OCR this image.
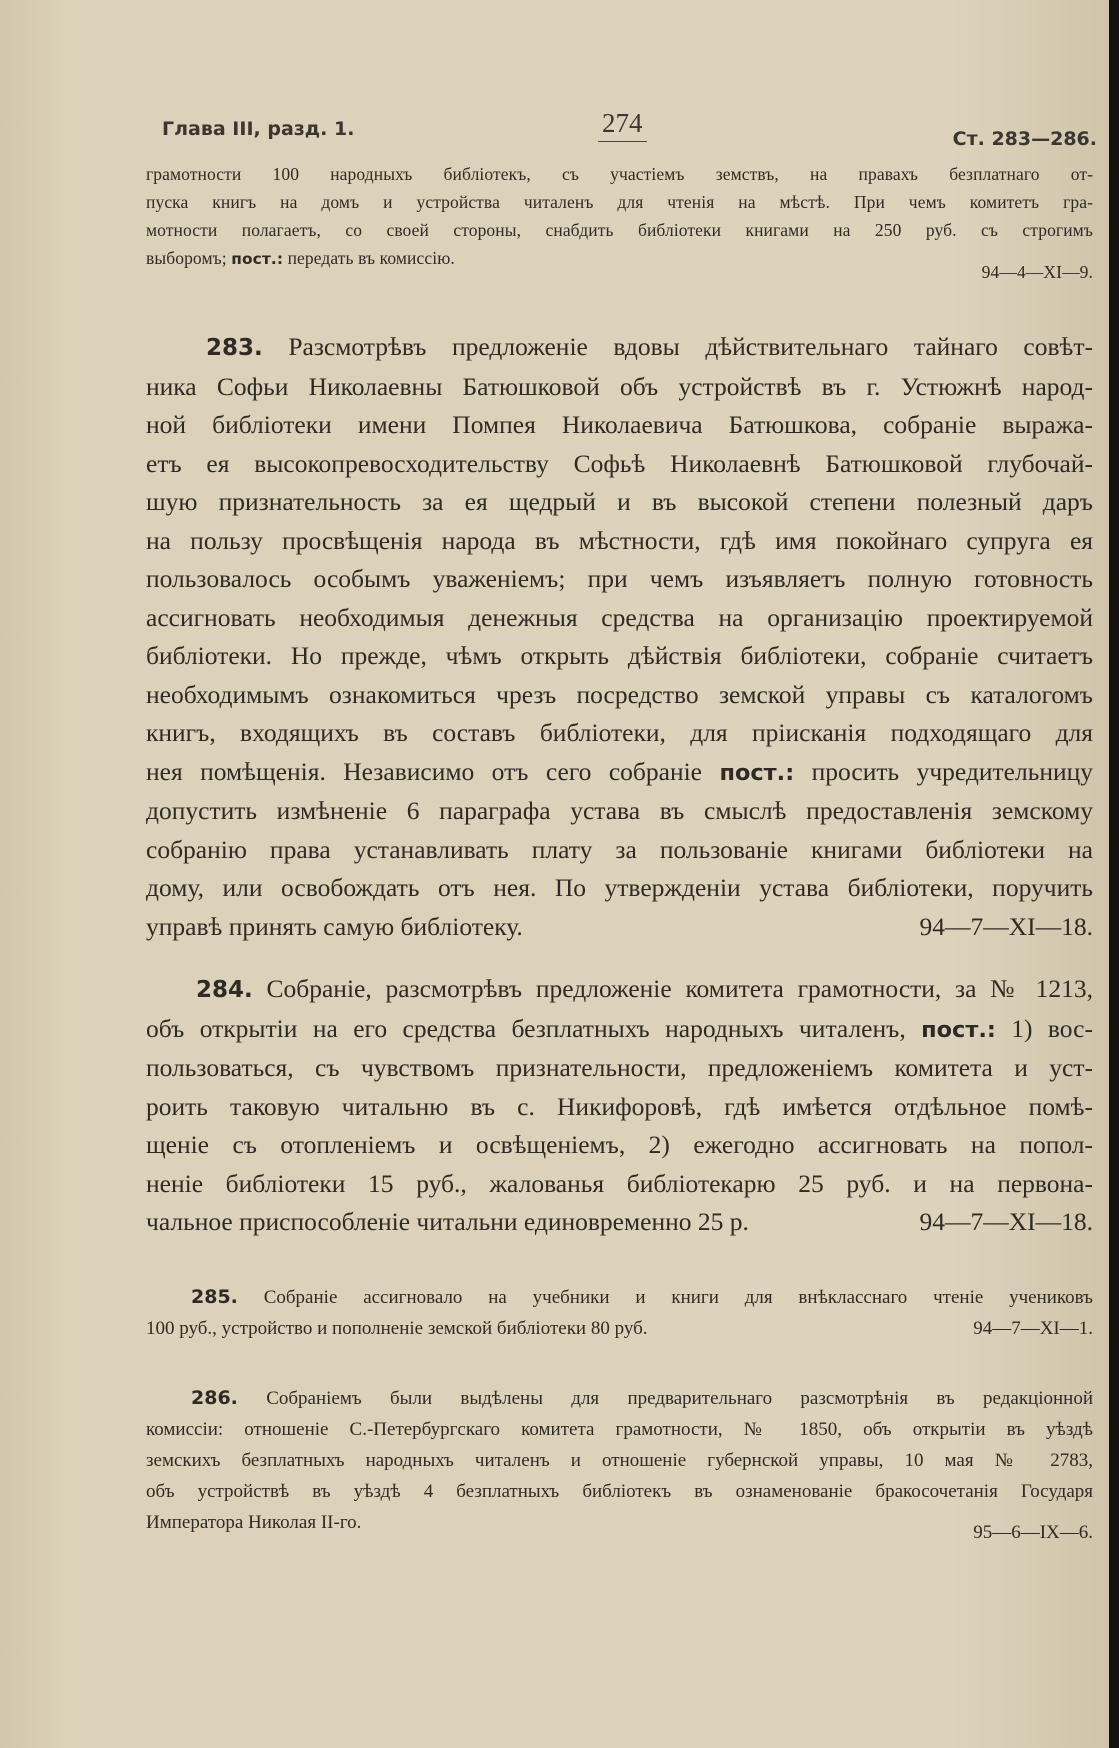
Глава III, разд. 1.	274
Ст. 283—286.

грамотности 100 народныхъ библіотекъ, съ участіемъ земствъ, на правахъ безплатнаго от-

пуска книгъ на домъ и устройства читаленъ для чтенія на мѣстѣ. При чемъ комитетъ гра-

мотности полагаетъ, со своей стороны, снабдить библіотеки книгами на 250 руб. съ строгимъ

выборомъ; пост.: передать въ комиссію.
94—4—XI—9.

283. Разсмотрѣвъ предложеніе вдовы дѣйствительнаго тайнаго совѣт-

ника Софьи Николаевны Батюшковой объ устройствѣ въ г. Устюжнѣ народ-

ной библіотеки имени Помпея Николаевича Батюшкова, собраніе выража-

етъ ея высокопревосходительству Софьѣ Николаевнѣ Батюшковой глубочай-

шую признательность за ея щедрый и въ высокой степени полезный даръ

на пользу просвѣщенія народа въ мѣстности, гдѣ имя покойнаго супруга ея

пользовалось особымъ уваженіемъ; при чемъ изъявляетъ полную готовность

ассигновать необходимыя денежныя средства на организацію проектируемой

библіотеки. Но прежде, чѣмъ открыть дѣйствія библіотеки, собраніе считаетъ

необходимымъ ознакомиться чрезъ посредство земской управы съ каталогомъ

книгъ, входящихъ въ составъ библіотеки, для пріисканія подходящаго для

нея помѣщенія. Независимо отъ сего собраніе пост.: просить учредительницу

допустить измѣненіе 6 параграфа устава въ смыслѣ предоставленія земскому

собранію права устанавливать плату за пользованіе книгами библіотеки на

дому, или освобождать отъ нея. По утвержденіи устава библіотеки, поручить

управѣ принять самую библіотеку.	94—7—XI—18.

284. Собраніе, разсмотрѣвъ предложеніе комитета грамотности, за № 1213,

объ открытіи на его средства безплатныхъ народныхъ читаленъ, пост.: 1) вос-

пользоваться, съ чувствомъ признательности, предложеніемъ комитета и уст-

роить таковую читальню въ с. Никифоровѣ, гдѣ имѣется отдѣльное помѣ-

щеніе съ отопленіемъ и освѣщеніемъ, 2) ежегодно ассигновать на попол-

неніе библіотеки 15 руб., жалованья библіотекарю 25 руб. и на первона-

чальное приспособленіе читальни единовременно 25 р.	94—7—XI—18.

285. Собраніе ассигновало на учебники и книги для внѣкласснаго чтеніе учениковъ

100 руб., устройство и пополненіе земской библіотеки 80 руб.	94—7—XI—1.

286. Собраніемъ были выдѣлены для предварительнаго разсмотрѣнія въ редакціонной

комиссіи: отношеніе С.-Петербургскаго комитета грамотности, № 1850, объ открытіи въ уѣздѣ

земскихъ безплатныхъ народныхъ читаленъ и отношеніе губернской управы, 10 мая № 2783,

объ устройствѣ въ уѣздѣ 4 безплатныхъ библіотекъ въ ознаменованіе бракосочетанія Государя

Императора Николая II-го.	95—6—IX—6.
